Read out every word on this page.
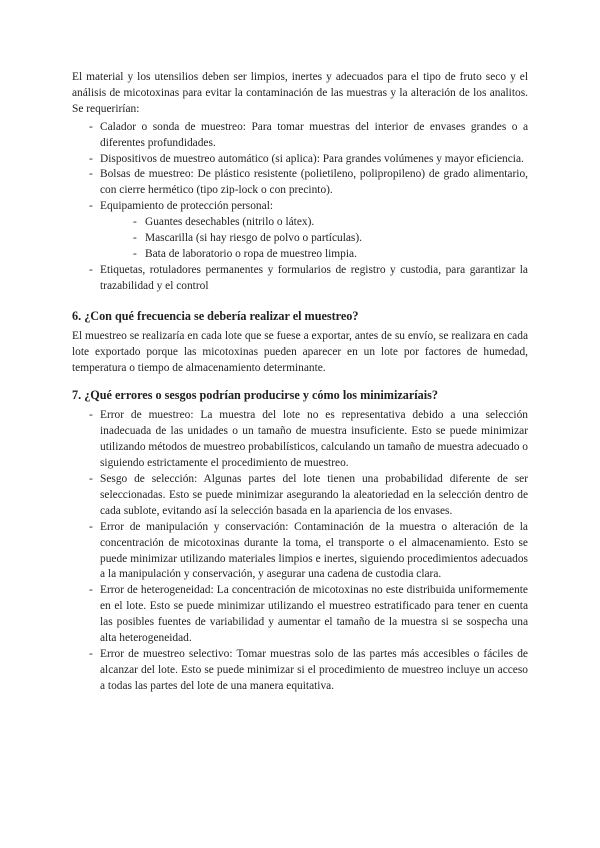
El material y los utensilios deben ser limpios, inertes y adecuados para el tipo de fruto seco y el análisis de micotoxinas para evitar la contaminación de las muestras y la alteración de los analitos. Se requerirían:

- Calador o sonda de muestreo: Para tomar muestras del interior de envases grandes o a diferentes profundidades.
- Dispositivos de muestreo automático (si aplica): Para grandes volúmenes y mayor eficiencia.
- Bolsas de muestreo: De plástico resistente (polietileno, polipropileno) de grado alimentario, con cierre hermético (tipo zip-lock o con precinto).
- Equipamiento de protección personal:
- Guantes desechables (nitrilo o látex).
- Mascarilla (si hay riesgo de polvo o partículas).
- Bata de laboratorio o ropa de muestreo limpia.
- Etiquetas, rotuladores permanentes y formularios de registro y custodia, para garantizar la trazabilidad y el control
6. ¿Con qué frecuencia se debería realizar el muestreo?

El muestreo se realizaría en cada lote que se fuese a exportar, antes de su envío, se realizara en cada lote exportado porque las micotoxinas pueden aparecer en un lote por factores de humedad, temperatura o tiempo de almacenamiento determinante.

7. ¿Qué errores o sesgos podrían producirse y cómo los minimizaríais?
- Error de muestreo: La muestra del lote no es representativa debido a una selección inadecuada de las unidades o un tamaño de muestra insuficiente. Esto se puede minimizar utilizando métodos de muestreo probabilísticos, calculando un tamaño de muestra adecuado o siguiendo estrictamente el procedimiento de muestreo.
- Sesgo de selección: Algunas partes del lote tienen una probabilidad diferente de ser seleccionadas. Esto se puede minimizar asegurando la aleatoriedad en la selección dentro de cada sublote, evitando así la selección basada en la apariencia de los envases.
- Error de manipulación y conservación: Contaminación de la muestra o alteración de la concentración de micotoxinas durante la toma, el transporte o el almacenamiento. Esto se puede minimizar utilizando materiales limpios e inertes, siguiendo procedimientos adecuados a la manipulación y conservación, y asegurar una cadena de custodia clara.
- Error de heterogeneidad: La concentración de micotoxinas no este distribuida uniformemente en el lote. Esto se puede minimizar utilizando el muestreo estratificado para tener en cuenta las posibles fuentes de variabilidad y aumentar el tamaño de la muestra si se sospecha una alta heterogeneidad.
- Error de muestreo selectivo: Tomar muestras solo de las partes más accesibles o fáciles de alcanzar del lote. Esto se puede minimizar si el procedimiento de muestreo incluye un acceso a todas las partes del lote de una manera equitativa.
